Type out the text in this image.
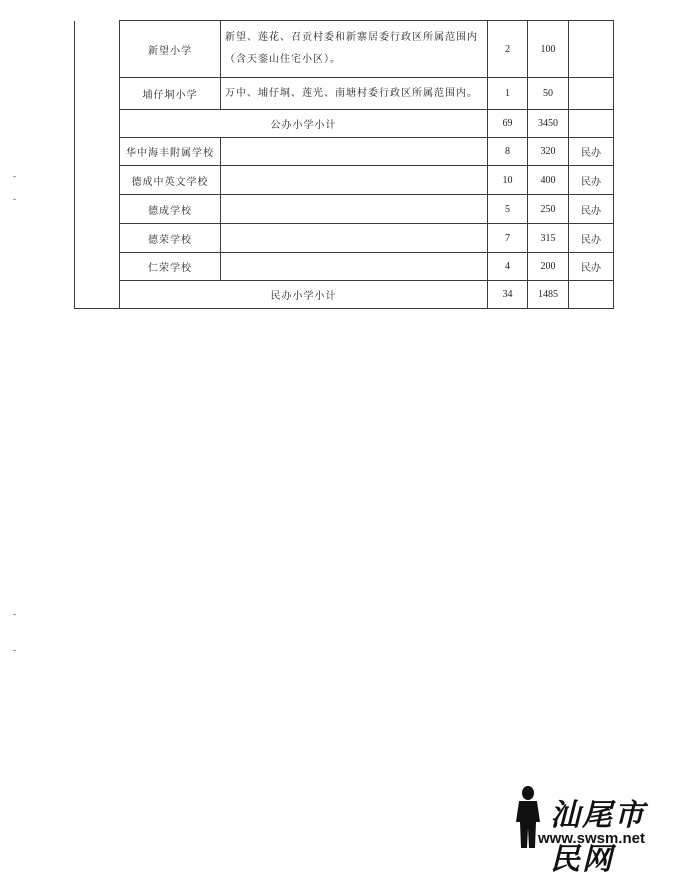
	新望小学	新望、莲花、召贡村委和新寨居委行政区所属范围内（含天銮山住宅小区）。	2	100	
	埔仔垌小学	万中、埔仔垌、莲光、南塘村委行政区所属范围内。	1	50	
	公办小学小计		69	3450	
	华中海丰附属学校		8	320	民办
	德成中英文学校		10	400	民办
	德成学校		5	250	民办
	德荣学校		7	315	民办
	仁荣学校		4	200	民办
	民办小学小计		34	1485	
汕尾市民网
www.swsm.net
